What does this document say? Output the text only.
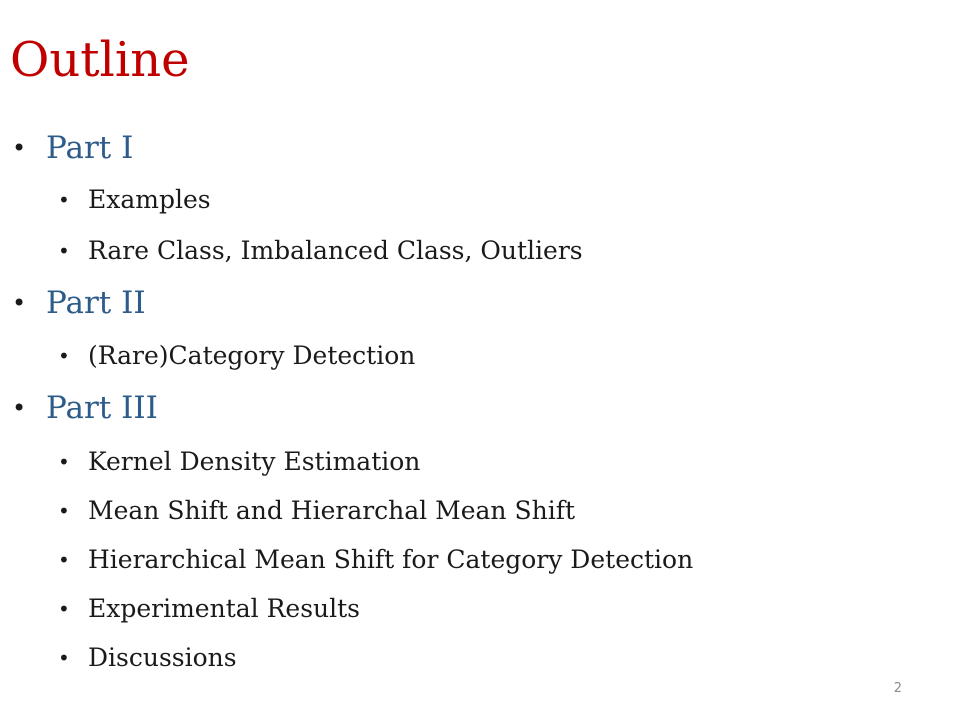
Outline
• Part I
• Examples
• Rare Class, Imbalanced Class, Outliers
• Part II
• (Rare)Category Detection
• Part III
• Kernel Density Estimation
• Mean Shift and Hierarchal Mean Shift
• Hierarchical Mean Shift for Category Detection
• Experimental Results
• Discussions
2
